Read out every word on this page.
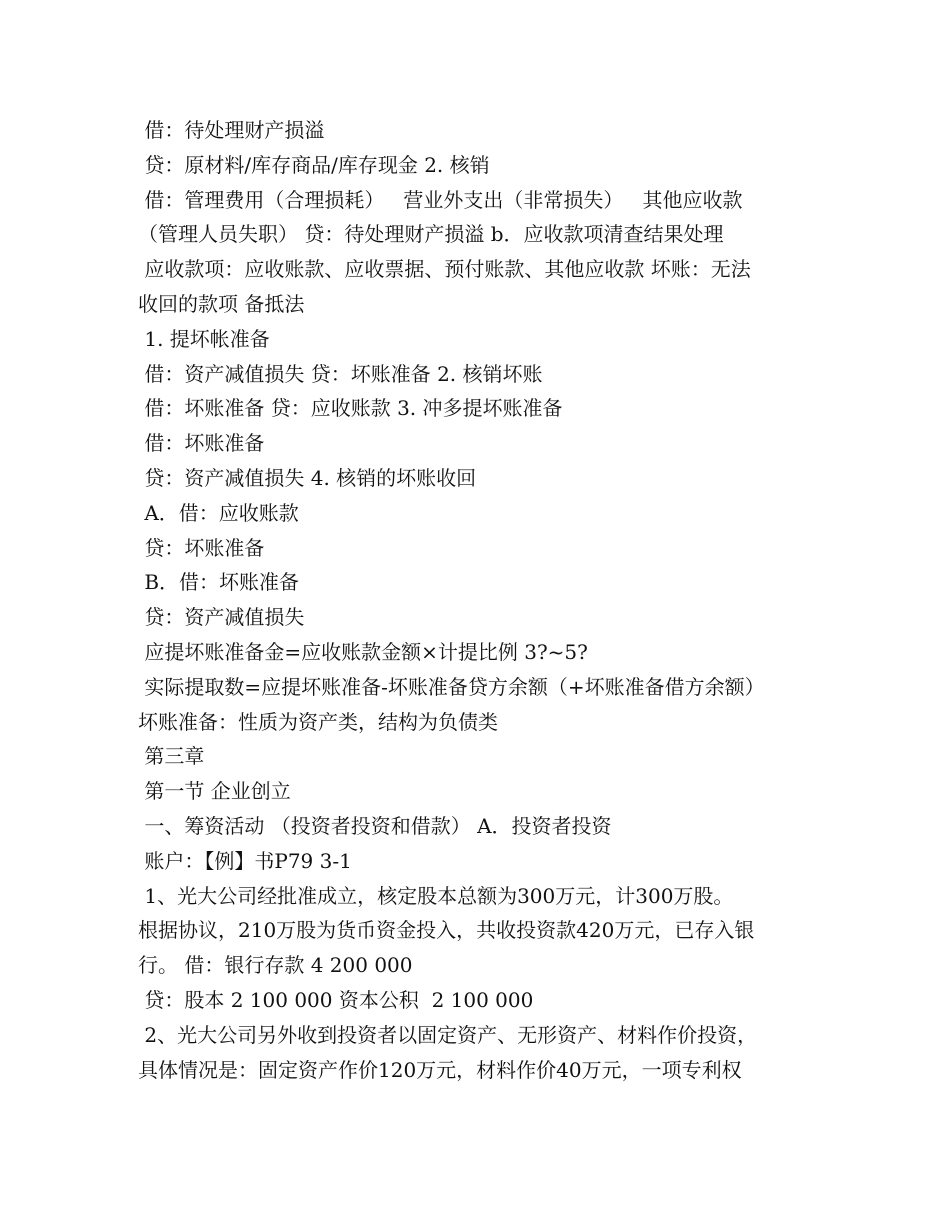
借：待处理财产损溢
贷：原材料/库存商品/库存现金 2. 核销
借：管理费用（合理损耗）   营业外支出（非常损失）   其他应收款
（管理人员失职） 贷：待处理财产损溢 b．应收款项清查结果处理
应收款项：应收账款、应收票据、预付账款、其他应收款 坏账：无法
收回的款项 备抵法
1. 提坏帐准备
借：资产减值损失 贷：坏账准备 2. 核销坏账
借：坏账准备 贷：应收账款 3. 冲多提坏账准备
借：坏账准备
贷：资产减值损失 4. 核销的坏账收回
A．借：应收账款
贷：坏账准备
B．借：坏账准备
贷：资产减值损失
应提坏账准备金=应收账款金额×计提比例 3?~5?
实际提取数=应提坏账准备-坏账准备贷方余额（+坏账准备借方余额）
坏账准备：性质为资产类，结构为负债类
第三章
第一节 企业创立
一、筹资活动 （投资者投资和借款） A．投资者投资
账户：【例】书P79 3-1
1、光大公司经批准成立，核定股本总额为300万元，计300万股。
根据协议，210万股为货币资金投入，共收投资款420万元，已存入银
行。 借：银行存款 4 200 000
贷：股本 2 100 000 资本公积  2 100 000
2、光大公司另外收到投资者以固定资产、无形资产、材料作价投资，
具体情况是：固定资产作价120万元，材料作价40万元，一项专利权
